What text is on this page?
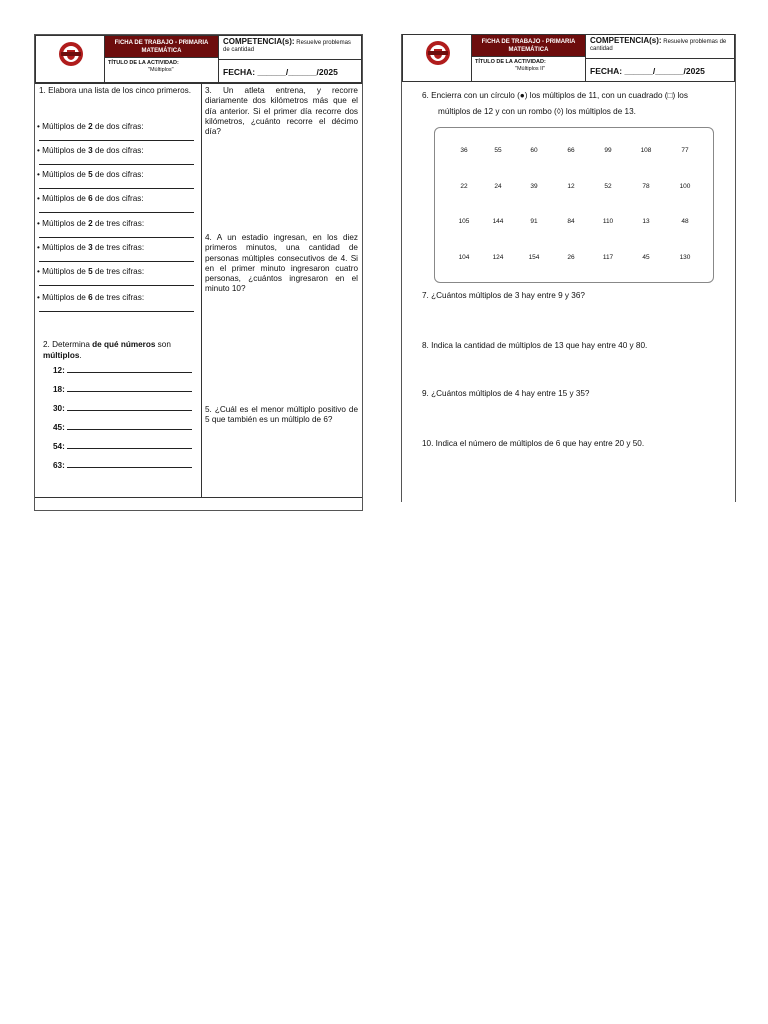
FICHA DE TRABAJO - PRIMARIA MATEMÁTICA
TÍTULO DE LA ACTIVIDAD:
"Múltiplos"
COMPETENCIA(s): Resuelve problemas de cantidad
FECHA: ______/______/2025
1. Elabora una lista de los cinco primeros.
• Múltiplos de 2 de dos cifras:
• Múltiplos de 3 de dos cifras:
• Múltiplos de 5 de dos cifras:
• Múltiplos de 6 de dos cifras:
• Múltiplos de 2 de tres cifras:
• Múltiplos de 3 de tres cifras:
• Múltiplos de 5 de tres cifras:
• Múltiplos de 6 de tres cifras:
2. Determina de qué números son
múltiplos.
12:
18:
30:
45:
54:
63:
3. Un atleta entrena, y recorre diariamente dos kilómetros más que el día anterior. Si el primer día recorre dos kilómetros, ¿cuánto recorre el décimo día?
4. A un estadio ingresan, en los diez primeros minutos, una cantidad de personas múltiples consecutivos de 4. Si en el primer minuto ingresaron cuatro personas, ¿cuántos ingresaron en el minuto 10?
5. ¿Cuál es el menor múltiplo positivo de 5 que también es un múltiplo de 6?
FICHA DE TRABAJO - PRIMARIA MATEMÁTICA
TÍTULO DE LA ACTIVIDAD:
"Múltiplos II"
COMPETENCIA(s): Resuelve problemas de cantidad
FECHA: ______/______/2025
6. Encierra con un círculo (●) los múltiplos de 11, con un cuadrado (□) los
múltiplos de 12 y con un rombo (◊) los múltiplos de 13.
36	55	60	66	99	108	77
22	24	39	12	52	78	100
105	144	91	84	110	13	48
104	124	154	26	117	45	130
7. ¿Cuántos múltiplos de 3 hay entre 9 y 36?
8. Indica la cantidad de múltiplos de 13 que hay entre 40 y 80.
9. ¿Cuántos múltiplos de 4 hay entre 15 y 35?
10. Indica el número de múltiplos de 6 que hay entre 20 y 50.
